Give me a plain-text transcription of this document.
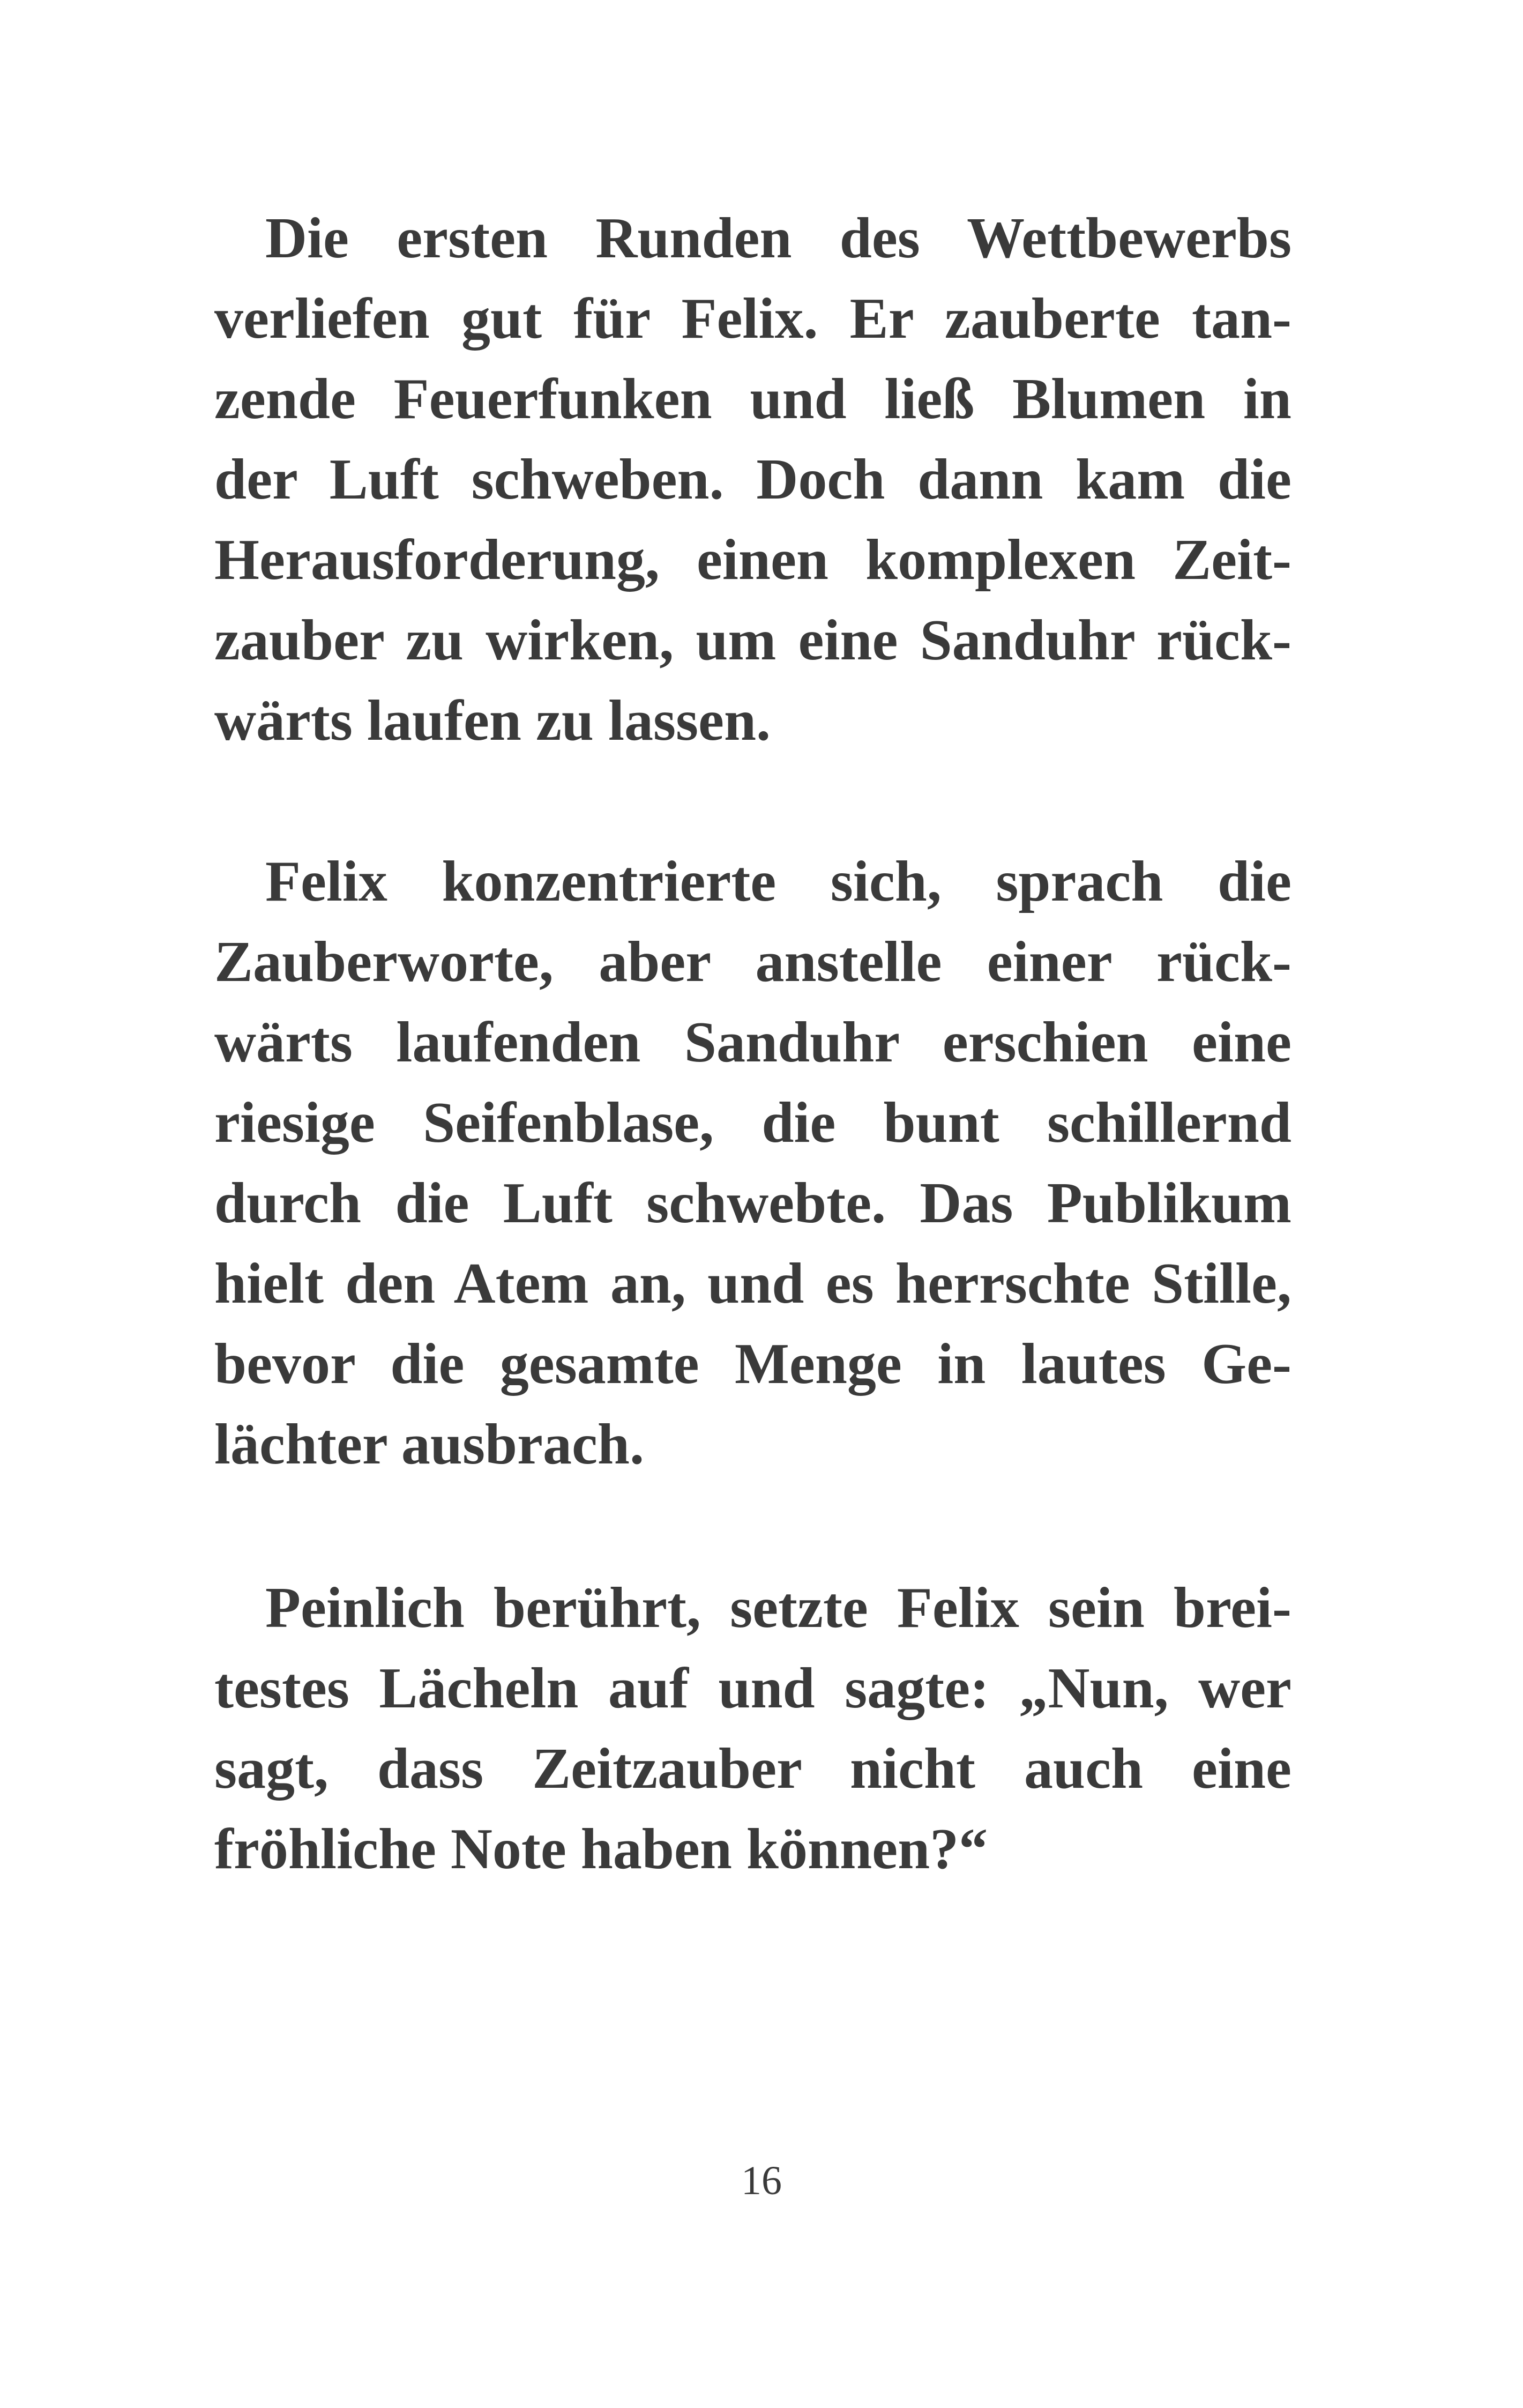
Die ersten Runden des Wettbewerbs
verliefen gut für Felix. Er zauberte tan-
zende Feuerfunken und ließ Blumen in
der Luft schweben. Doch dann kam die
Herausforderung, einen komplexen Zeit-
zauber zu wirken, um eine Sanduhr rück-
wärts laufen zu lassen.
Felix konzentrierte sich, sprach die
Zauberworte, aber anstelle einer rück-
wärts laufenden Sanduhr erschien eine
riesige Seifenblase, die bunt schillernd
durch die Luft schwebte. Das Publikum
hielt den Atem an, und es herrschte Stille,
bevor die gesamte Menge in lautes Ge-
lächter ausbrach.
Peinlich berührt, setzte Felix sein brei-
testes Lächeln auf und sagte: „Nun, wer
sagt, dass Zeitzauber nicht auch eine
fröhliche Note haben können?“
16
